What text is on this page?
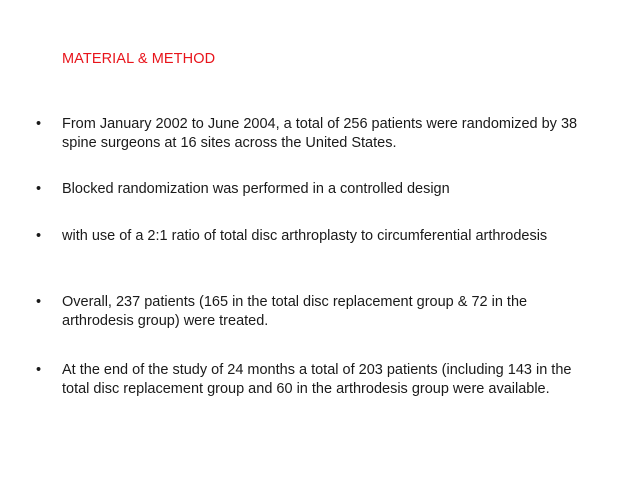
MATERIAL & METHOD
• From January 2002 to June 2004, a total of 256 patients were randomized by 38 spine surgeons at 16 sites across the United States.
• Blocked randomization was performed in a controlled design
• with use of a 2:1 ratio of total disc arthroplasty to circumferential arthrodesis
• Overall, 237 patients (165 in the total disc replacement group & 72 in the arthrodesis group) were treated.
• At the end of the study of 24 months a total of 203 patients (including 143 in the total disc replacement group and 60 in the arthrodesis group were available.
